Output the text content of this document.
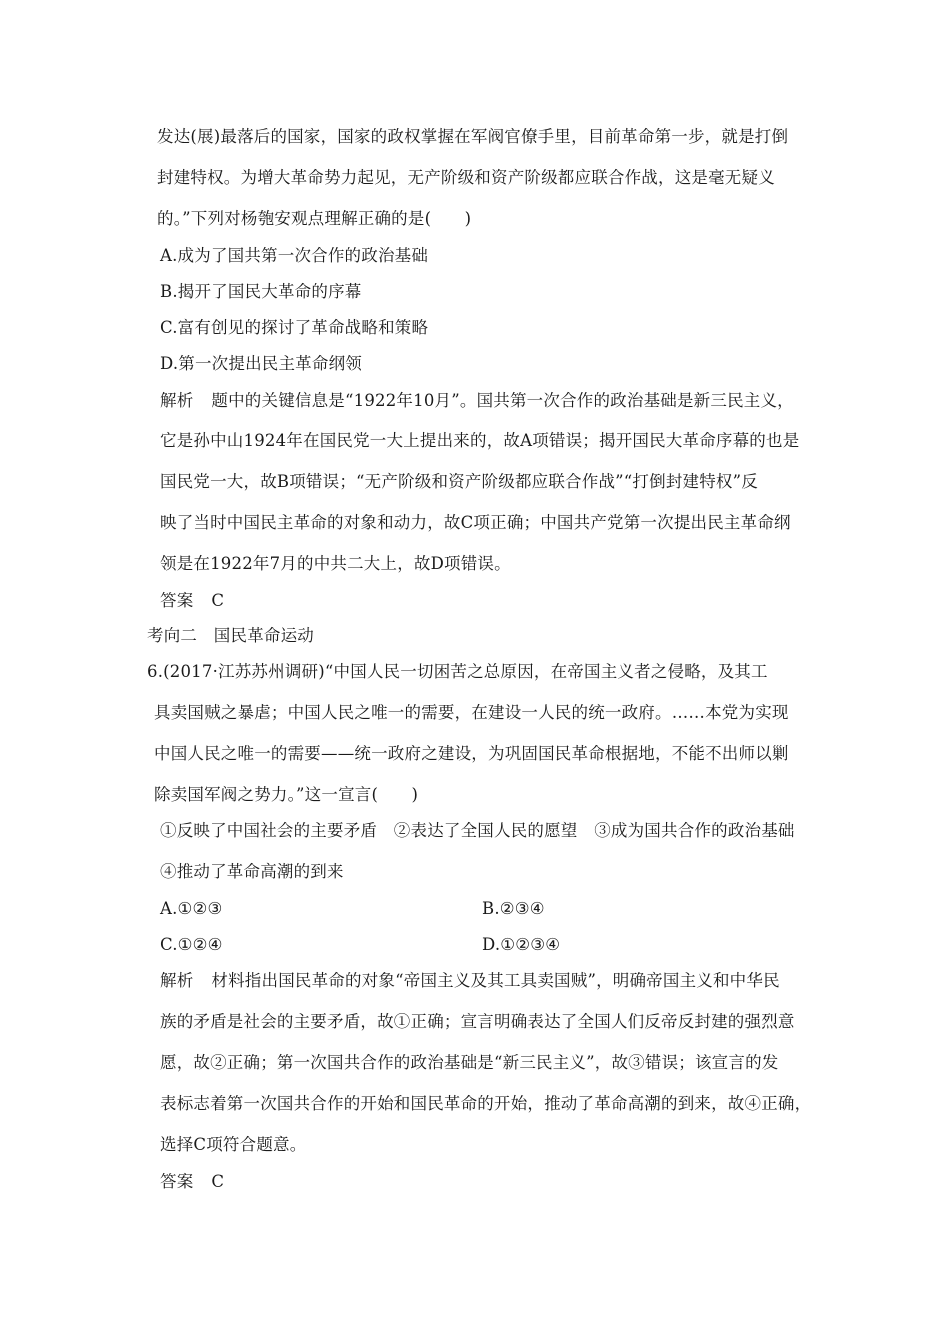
发达(展)最落后的国家，国家的政权掌握在军阀官僚手里，目前革命第一步，就是打倒
封建特权。为增大革命势力起见，无产阶级和资产阶级都应联合作战，这是毫无疑义
的。”下列对杨匏安观点理解正确的是(　　)
A.成为了国共第一次合作的政治基础
B.揭开了国民大革命的序幕
C.富有创见的探讨了革命战略和策略
D.第一次提出民主革命纲领
解析 题中的关键信息是“1922年10月”。国共第一次合作的政治基础是新三民主义，
它是孙中山1924年在国民党一大上提出来的，故A项错误；揭开国民大革命序幕的也是
国民党一大，故B项错误；“无产阶级和资产阶级都应联合作战”“打倒封建特权”反
映了当时中国民主革命的对象和动力，故C项正确；中国共产党第一次提出民主革命纲
领是在1922年7月的中共二大上，故D项错误。
答案 C
考向二　国民革命运动
6.(2017·江苏苏州调研)“中国人民一切困苦之总原因，在帝国主义者之侵略，及其工
具卖国贼之暴虐；中国人民之唯一的需要，在建设一人民的统一政府。……本党为实现
中国人民之唯一的需要——统一政府之建设，为巩固国民革命根据地，不能不出师以剿
除卖国军阀之势力。”这一宣言(　　)
①反映了中国社会的主要矛盾　②表达了全国人民的愿望　③成为国共合作的政治基础
④推动了革命高潮的到来
A.①②③	B.②③④
C.①②④	D.①②③④
解析 材料指出国民革命的对象“帝国主义及其工具卖国贼”，明确帝国主义和中华民
族的矛盾是社会的主要矛盾，故①正确；宣言明确表达了全国人们反帝反封建的强烈意
愿，故②正确；第一次国共合作的政治基础是“新三民主义”，故③错误；该宣言的发
表标志着第一次国共合作的开始和国民革命的开始，推动了革命高潮的到来，故④正确，
选择C项符合题意。
答案 C
